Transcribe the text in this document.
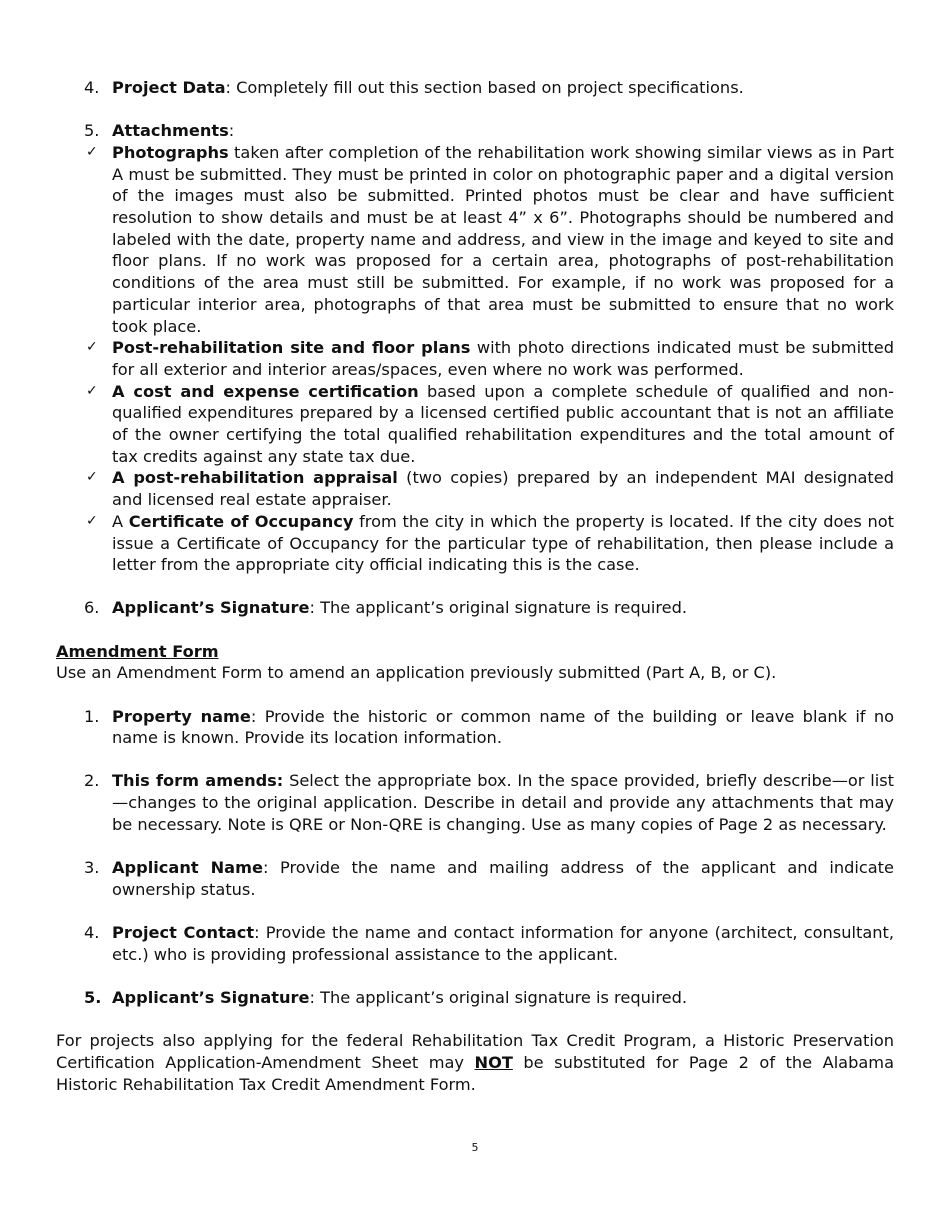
4. Project Data: Completely fill out this section based on project specifications.

5. Attachments:

✓ Photographs taken after completion of the rehabilitation work showing similar views as in Part A must be submitted. They must be printed in color on photographic paper and a digital version of the images must also be submitted. Printed photos must be clear and have sufficient resolution to show details and must be at least 4” x 6”. Photographs should be numbered and labeled with the date, property name and address, and view in the image and keyed to site and floor plans. If no work was proposed for a certain area, photographs of post-rehabilitation conditions of the area must still be submitted. For example, if no work was proposed for a particular interior area, photographs of that area must be submitted to ensure that no work took place.
✓ Post-rehabilitation site and floor plans with photo directions indicated must be submitted for all exterior and interior areas/spaces, even where no work was performed.
✓ A cost and expense certification based upon a complete schedule of qualified and non-qualified expenditures prepared by a licensed certified public accountant that is not an affiliate of the owner certifying the total qualified rehabilitation expenditures and the total amount of tax credits against any state tax due.
✓ A post-rehabilitation appraisal (two copies) prepared by an independent MAI designated and licensed real estate appraiser.
✓ A Certificate of Occupancy from the city in which the property is located. If the city does not issue a Certificate of Occupancy for the particular type of rehabilitation, then please include a letter from the appropriate city official indicating this is the case.
6. Applicant’s Signature: The applicant’s original signature is required.

Amendment Form

Use an Amendment Form to amend an application previously submitted (Part A, B, or C).

1. Property name: Provide the historic or common name of the building or leave blank if no name is known. Provide its location information.

2. This form amends: Select the appropriate box. In the space provided, briefly describe—or list—changes to the original application. Describe in detail and provide any attachments that may be necessary. Note is QRE or Non-QRE is changing. Use as many copies of Page 2 as necessary.

3. Applicant Name: Provide the name and mailing address of the applicant and indicate ownership status.

4. Project Contact: Provide the name and contact information for anyone (architect, consultant, etc.) who is providing professional assistance to the applicant.

5. Applicant’s Signature: The applicant’s original signature is required.

For projects also applying for the federal Rehabilitation Tax Credit Program, a Historic Preservation Certification Application-Amendment Sheet may NOT be substituted for Page 2 of the Alabama Historic Rehabilitation Tax Credit Amendment Form.

5
